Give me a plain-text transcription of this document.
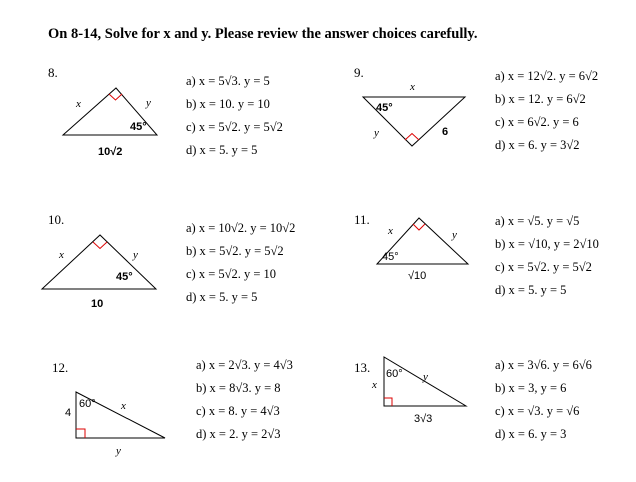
On 8-14, Solve for x and y. Please review the answer choices carefully.
8.
x	y
45°
10√2
a) x = 5√3. y = 5
b) x = 10. y = 10
c) x = 5√2. y = 5√2
d) x = 5. y = 5
9.
x
45°
y	6
a) x = 12√2. y = 6√2
b) x = 12. y = 6√2
c) x = 6√2. y = 6
d) x = 6. y = 3√2
10.
x	y
45°
10
a) x = 10√2. y = 10√2
b) x = 5√2. y = 5√2
c) x = 5√2. y = 10
d) x = 5. y = 5
11.
x	y
45°
√10
a) x = √5. y = √5
b) x = √10, y = 2√10
c) x = 5√2. y = 5√2
d) x = 5. y = 5
12.
60°
4
x
y
a) x = 2√3. y = 4√3
b) x = 8√3. y = 8
c) x = 8. y = 4√3
d) x = 2. y = 2√3
13. 60°
x
y
3√3
a) x = 3√6. y = 6√6
b) x = 3, y = 6
c) x = √3. y = √6
d) x = 6. y = 3
